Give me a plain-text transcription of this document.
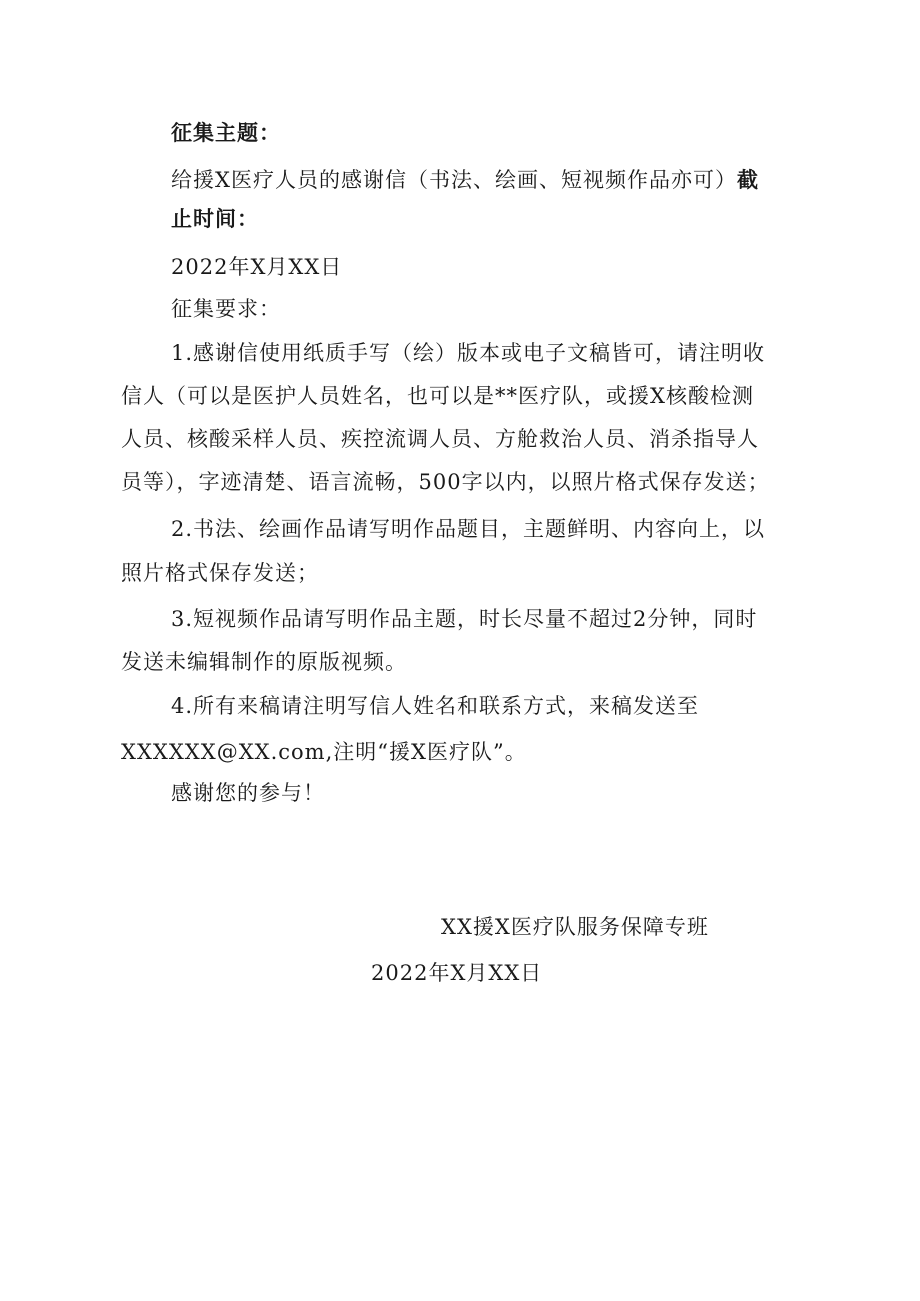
征集主题：
给援X医疗人员的感谢信（书法、绘画、短视频作品亦可）截
止时间：
2022年X月XX日
征集要求：
1.感谢信使用纸质手写（绘）版本或电子文稿皆可，请注明收
信人（可以是医护人员姓名，也可以是**医疗队，或援X核酸检测
人员、核酸采样人员、疾控流调人员、方舱救治人员、消杀指导人
员等），字迹清楚、语言流畅，500字以内，以照片格式保存发送；
2.书法、绘画作品请写明作品题目，主题鲜明、内容向上，以
照片格式保存发送；
3.短视频作品请写明作品主题，时长尽量不超过2分钟，同时
发送未编辑制作的原版视频。
4.所有来稿请注明写信人姓名和联系方式，来稿发送至
XXXXXX@XX.com,注明“援X医疗队”。
感谢您的参与！
XX援X医疗队服务保障专班
2022年X月XX日
